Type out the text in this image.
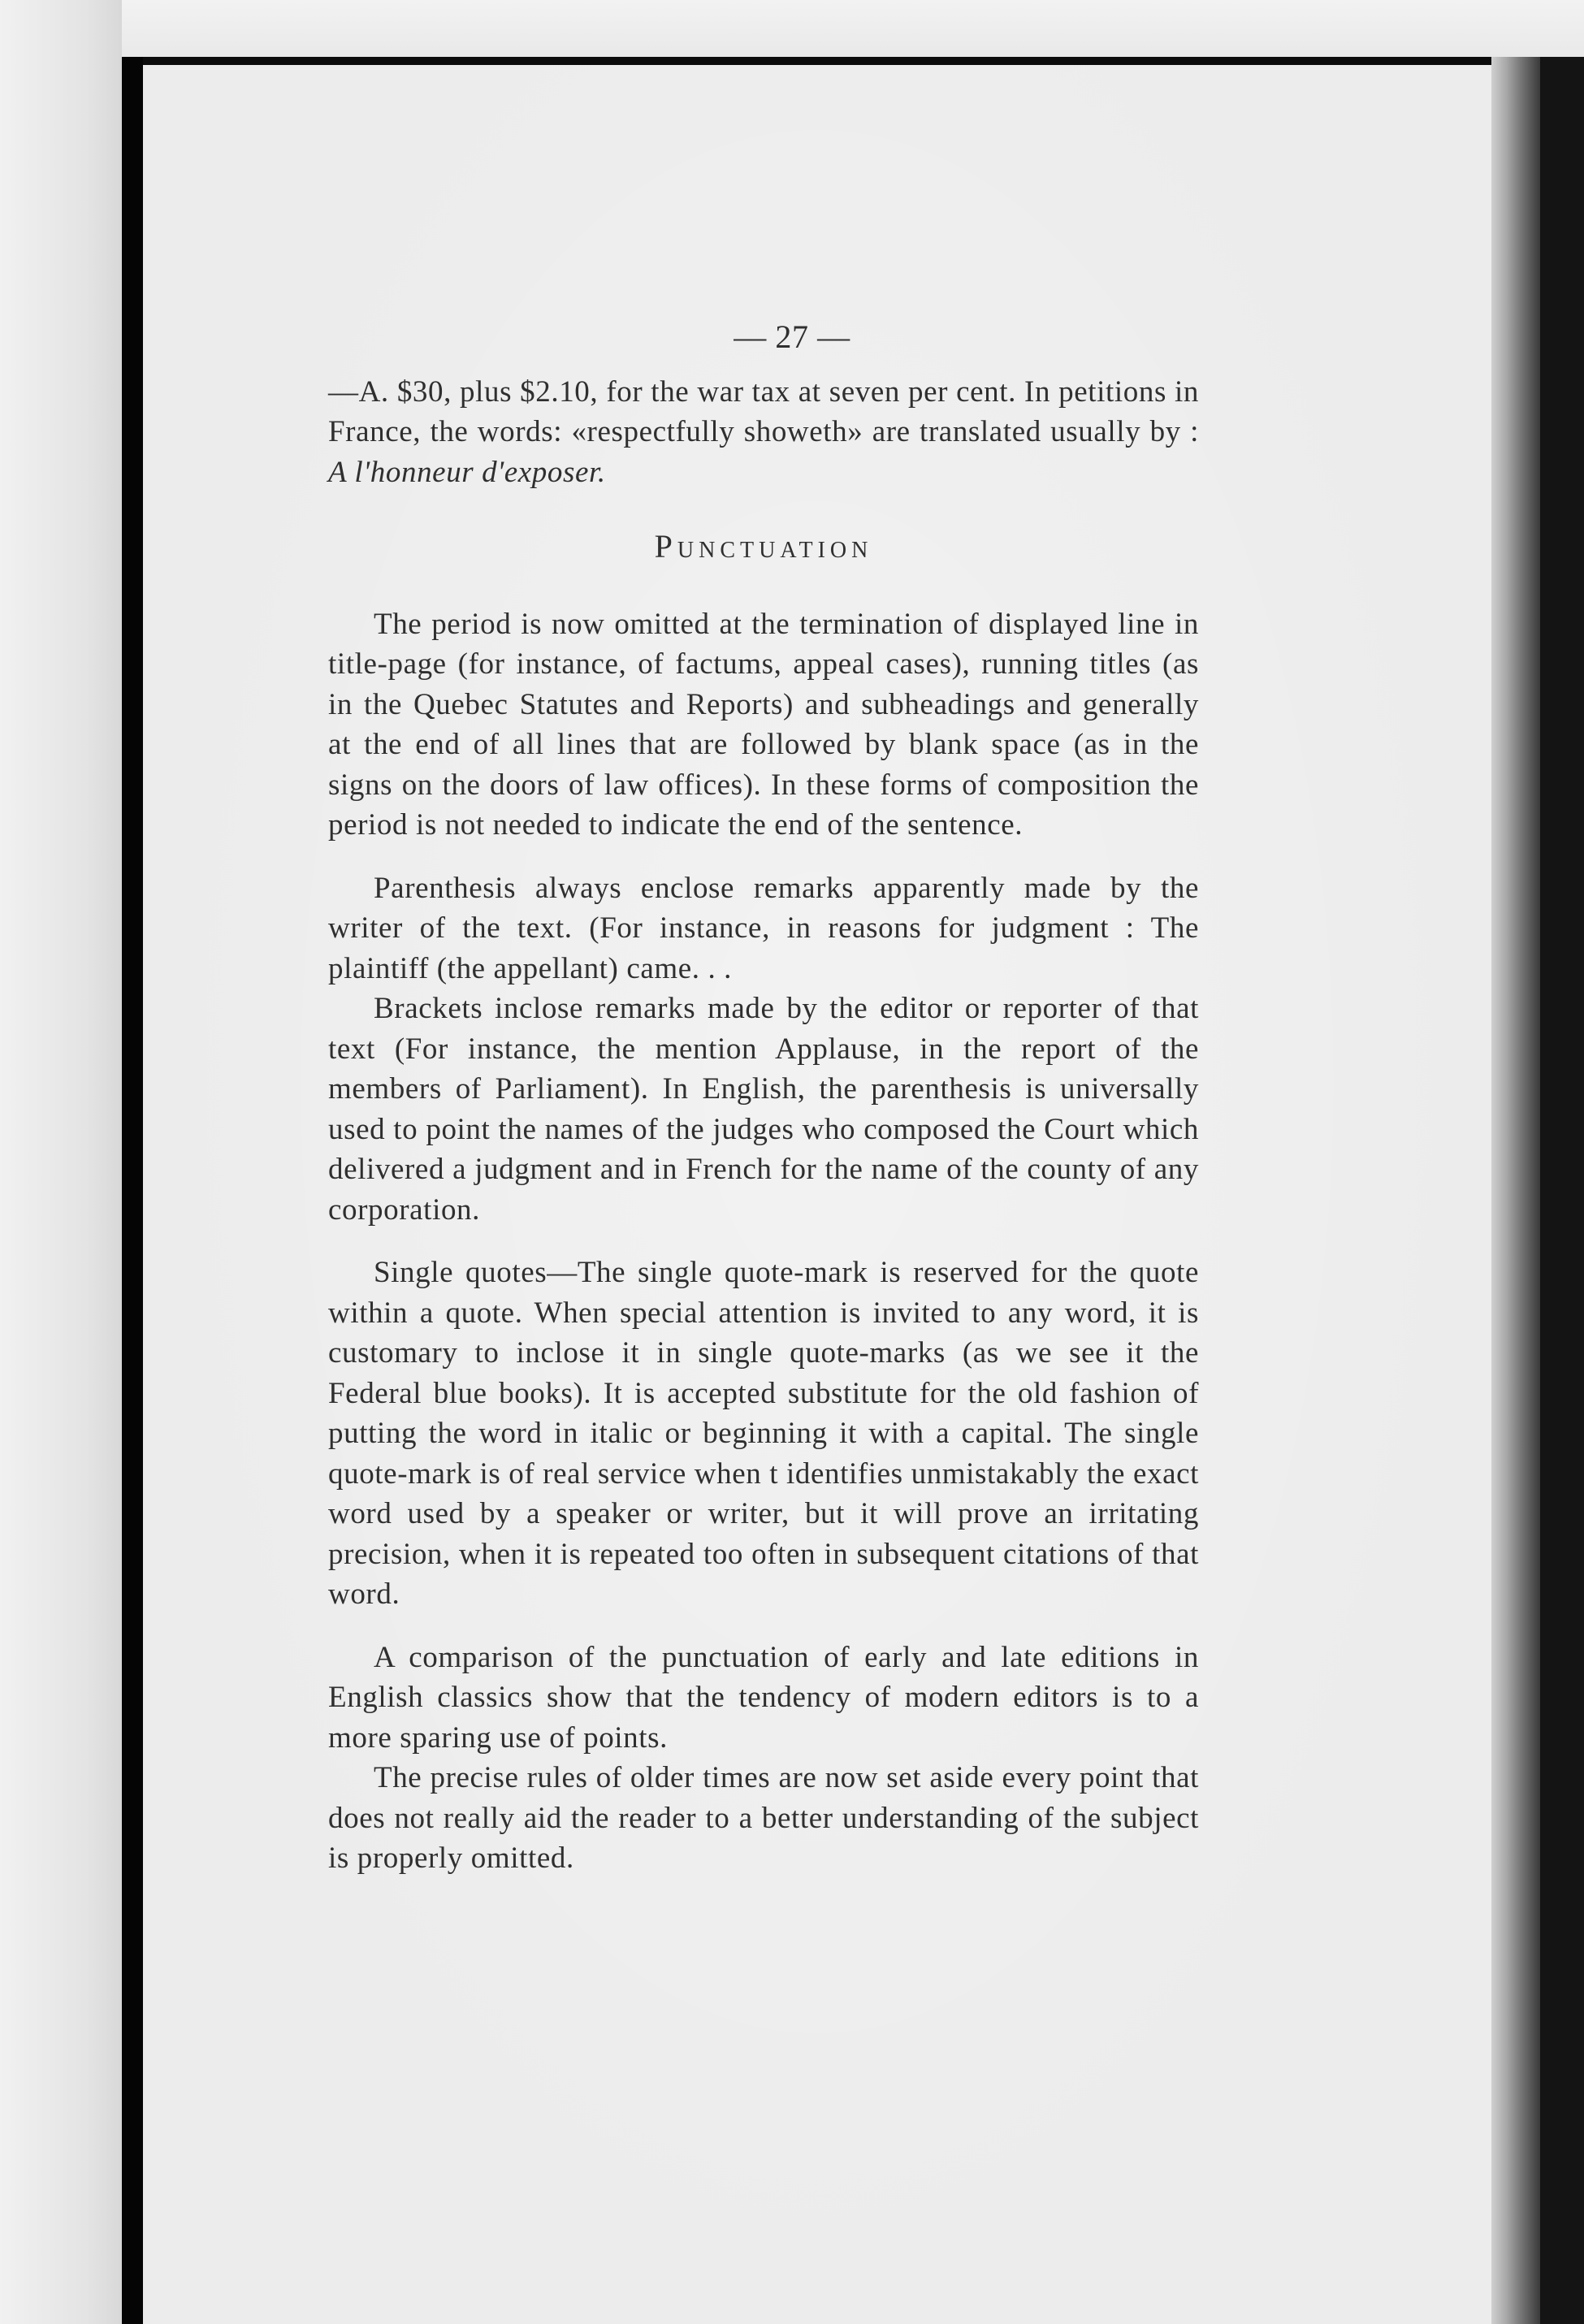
— 27 —

—A. $30, plus $2.10, for the war tax at seven per cent. In petitions in France, the words: «respectfully showeth» are translated usually by : A l'honneur d'exposer.

Punctuation

The period is now omitted at the termination of displayed line in title-page (for instance, of factums, appeal cases), running titles (as in the Quebec Statutes and Reports) and subheadings and generally at the end of all lines that are followed by blank space (as in the signs on the doors of law offices). In these forms of composition the period is not needed to indicate the end of the sentence.

Parenthesis always enclose remarks apparently made by the writer of the text. (For instance, in reasons for judgment : The plaintiff (the appellant) came. . .

Brackets inclose remarks made by the editor or reporter of that text (For instance, the mention Applause, in the report of the members of Parliament). In English, the parenthesis is universally used to point the names of the judges who composed the Court which delivered a judgment and in French for the name of the county of any corporation.

Single quotes—The single quote-mark is reserved for the quote within a quote. When special attention is invited to any word, it is customary to inclose it in single quote-marks (as we see it the Federal blue books). It is accepted substitute for the old fashion of putting the word in italic or beginning it with a capital. The single quote-mark is of real service when t identifies unmistakably the exact word used by a speaker or writer, but it will prove an irritating precision, when it is repeated too often in subsequent citations of that word.

A comparison of the punctuation of early and late editions in English classics show that the tendency of modern editors is to a more sparing use of points.

The precise rules of older times are now set aside every point that does not really aid the reader to a better understanding of the subject is properly omitted.
